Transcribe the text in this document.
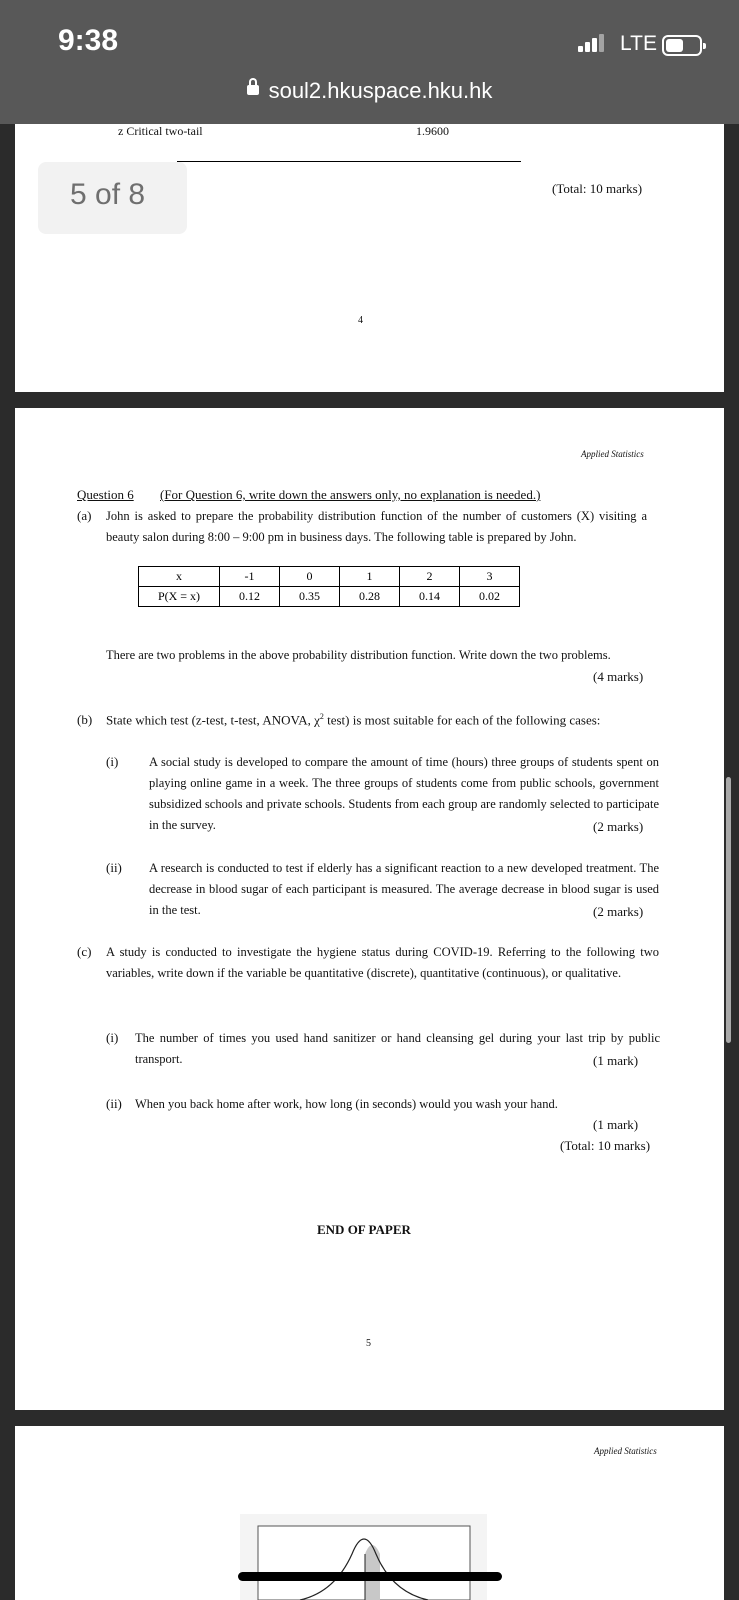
9:38	LTE
soul2.hkuspace.hku.hk
z Critical two-tail	1.9600
(Total: 10 marks)
4
5 of 8
Applied Statistics
Question 6 (For Question 6, write down the answers only, no explanation is needed.)
(a) John is asked to prepare the probability distribution function of the number of customers (X) visiting a beauty salon during 8:00 – 9:00 pm in business days. The following table is prepared by John.
x	-1	0	1	2	3
P(X = x)	0.12	0.35	0.28	0.14	0.02
There are two problems in the above probability distribution function. Write down the two problems.
(4 marks)
(b) State which test (z-test, t-test, ANOVA, $\chi^2$ test) is most suitable for each of the following cases:
(i) A social study is developed to compare the amount of time (hours) three groups of students spent on playing online game in a week. The three groups of students come from public schools, government subsidized schools and private schools. Students from each group are randomly selected to participate in the survey.	(2 marks)
(ii) A research is conducted to test if elderly has a significant reaction to a new developed treatment. The decrease in blood sugar of each participant is measured. The average decrease in blood sugar is used in the test.	(2 marks)
(c) A study is conducted to investigate the hygiene status during COVID-19. Referring to the following two variables, write down if the variable be quantitative (discrete), quantitative (continuous), or qualitative.
(i) The number of times you used hand sanitizer or hand cleansing gel during your last trip by public transport.	(1 mark)
(ii) When you back home after work, how long (in seconds) would you wash your hand.
(1 mark)
(Total: 10 marks)
END OF PAPER
5
Applied Statistics
